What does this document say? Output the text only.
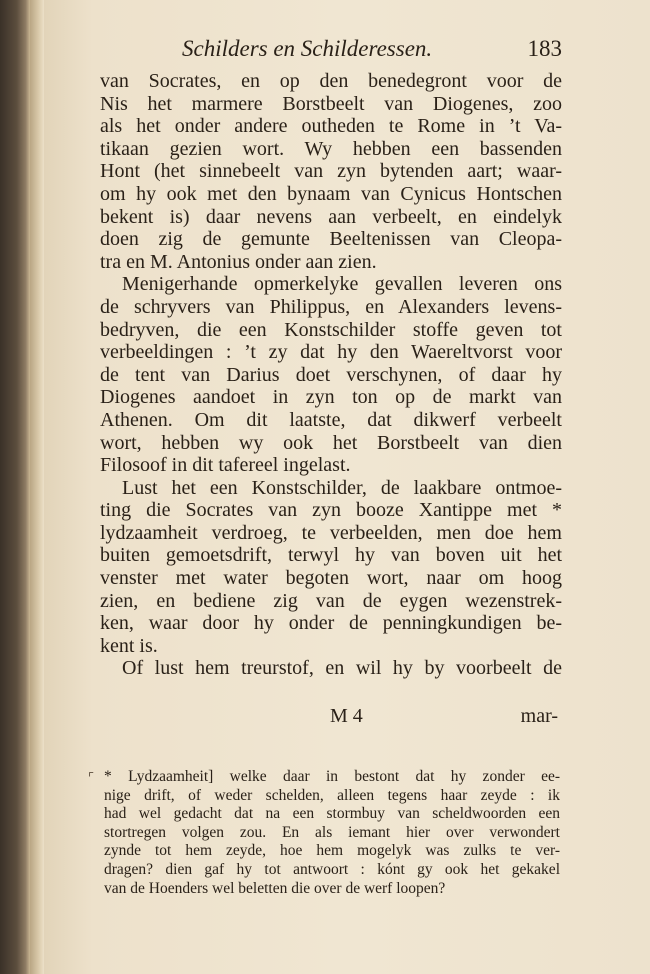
Schilders en Schilderessen.	183
van Socrates, en op den benedegront voor de
Nis het marmere Borstbeelt van Diogenes, zoo
als het onder andere outheden te Rome in ’t Va-
tikaan gezien wort. Wy hebben een bassenden
Hont (het sinnebeelt van zyn bytenden aart; waar-
om hy ook met den bynaam van Cynicus Hontschen
bekent is) daar nevens aan verbeelt, en eindelyk
doen zig de gemunte Beeltenissen van Cleopa-
tra en M. Antonius onder aan zien.
Menigerhande opmerkelyke gevallen leveren ons
de schryvers van Philippus, en Alexanders levens-
bedryven, die een Konstschilder stoffe geven tot
verbeeldingen : ’t zy dat hy den Waereltvorst voor
de tent van Darius doet verschynen, of daar hy
Diogenes aandoet in zyn ton op de markt van
Athenen. Om dit laatste, dat dikwerf verbeelt
wort, hebben wy ook het Borstbeelt van dien
Filosoof in dit tafereel ingelast.
Lust het een Konstschilder, de laakbare ontmoe-
ting die Socrates van zyn booze Xantippe met *
lydzaamheit verdroeg, te verbeelden, men doe hem
buiten gemoetsdrift, terwyl hy van boven uit het
venster met water begoten wort, naar om hoog
zien, en bediene zig van de eygen wezenstrek-
ken, waar door hy onder de penningkundigen be-
kent is.
Of lust hem treurstof, en wil hy by voorbeelt de
M 4	mar-
⌜ * Lydzaamheit] welke daar in bestont dat hy zonder ee-
nige drift, of weder schelden, alleen tegens haar zeyde : ik
had wel gedacht dat na een stormbuy van scheldwoorden een
stortregen volgen zou. En als iemant hier over verwondert
zynde tot hem zeyde, hoe hem mogelyk was zulks te ver-
dragen? dien gaf hy tot antwoort : kónt gy ook het gekakel
van de Hoenders wel beletten die over de werf loopen?
